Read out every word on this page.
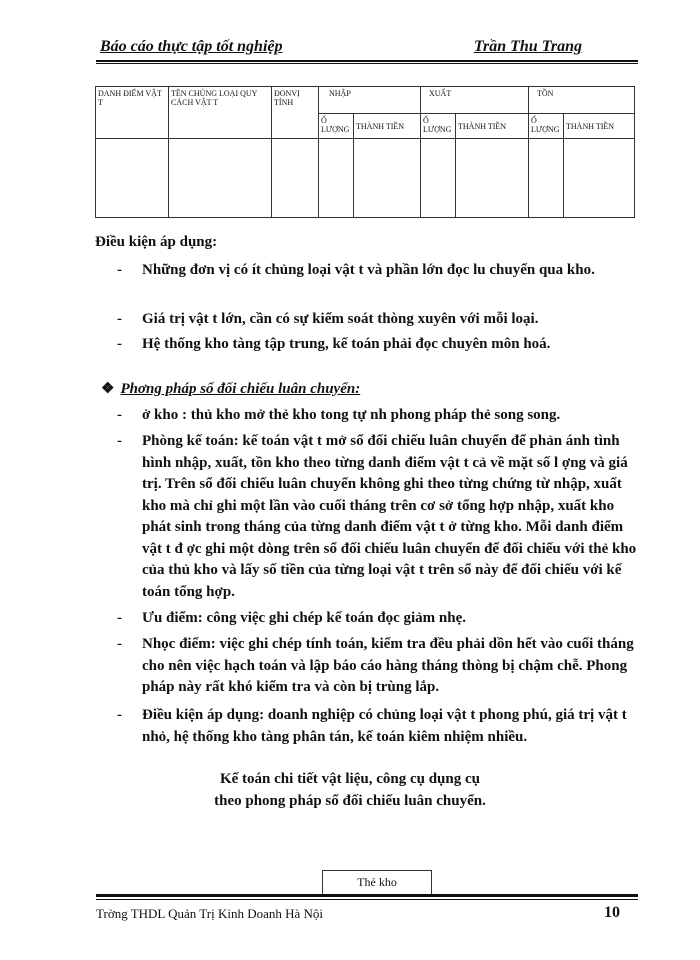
Báo cáo thực tập tốt nghiệp	Trần Thu Trang
DANH ĐIỂM VẬT T	TÊN CHỦNG LOẠI QUY CÁCH VẬT T	ĐONVỊ TÍNH	NHẬP		XUẤT		TỒN	
			Ố LƯỢNG	THÀNH TIỀN	Ố LƯỢNG	THÀNH TIỀN	Ố LƯỢNG	THÀNH TIỀN

Điều kiện áp dụng:
- Những đơn vị có ít chủng loại vật t và phần lớn đọc lu chuyển qua kho.
- Giá trị vật t lớn, cần có sự kiểm soát thòng xuyên với mỗi loại.
- Hệ thống kho tàng tập trung, kế toán phải đọc chuyên môn hoá.
❖ Phơng pháp sổ đối chiếu luân chuyển:
- ở kho : thủ kho mở thẻ kho tong tự nh phong pháp thẻ song song.
- Phòng kế toán: kế toán vật t mở sổ đối chiếu luân chuyển để phản ánh tình hình nhập, xuất, tồn kho theo từng danh điểm vật t cả về mặt số l ợng và giá trị. Trên sổ đối chiếu luân chuyển không ghi theo từng chứng từ nhập, xuất kho mà chỉ ghi một lần vào cuối tháng trên cơ sở tổng hợp nhập, xuất kho phát sinh trong tháng của từng danh điểm vật t ở từng kho. Mỗi danh điểm vật t đ ợc ghi một dòng trên sổ đối chiếu luân chuyển để đối chiếu với thẻ kho của thủ kho và lấy số tiền của từng loại vật t trên sổ này để đối chiếu với kế toán tổng hợp.
- Ưu điểm: công việc ghi chép kế toán đọc giảm nhẹ.
- Nhọc điểm: việc ghi chép tính toán, kiểm tra đều phải dồn hết vào cuối tháng cho nên việc hạch toán và lập báo cáo hàng tháng thòng bị chậm chễ. Phong pháp này rất khó kiểm tra và còn bị trùng lắp.
- Điều kiện áp dụng: doanh nghiệp có chủng loại vật t phong phú, giá trị vật t nhỏ, hệ thống kho tàng phân tán, kế toán kiêm nhiệm nhiều.
Kế toán chi tiết vật liệu, công cụ dụng cụ
theo phong pháp sổ đối chiếu luân chuyển.
Thẻ kho
Trờng THDL Quản Trị Kinh Doanh Hà Nội	10
